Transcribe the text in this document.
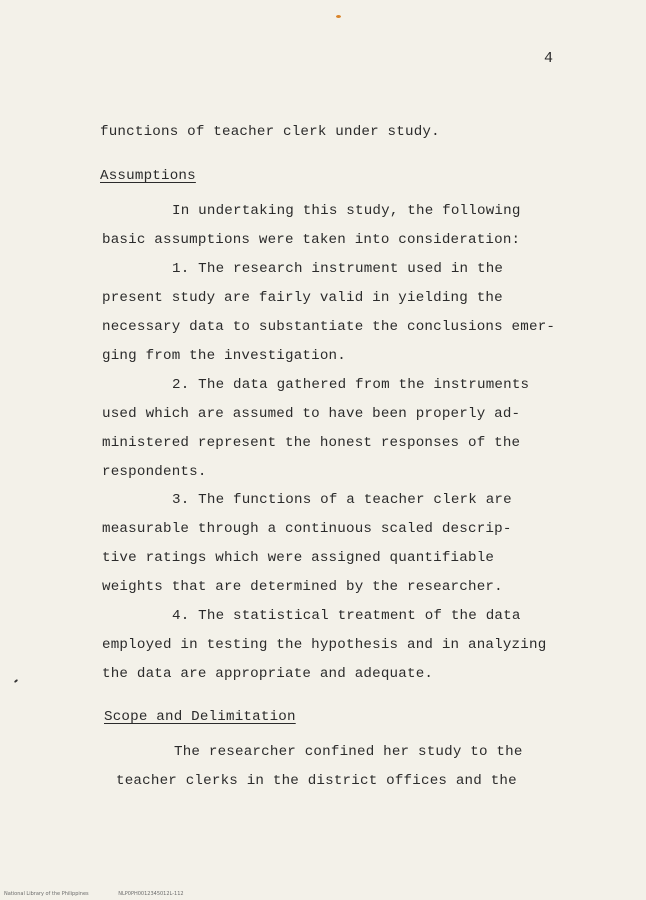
4
functions of teacher clerk under study.
Assumptions
In undertaking this study, the following
basic assumptions were taken into consideration:
1. The research instrument used in the
present study are fairly valid in yielding the
necessary data to substantiate the conclusions emer-
ging from the investigation.
2. The data gathered from the instruments
used which are assumed to have been properly ad-
ministered represent the honest responses of the
respondents.
3. The functions of a teacher clerk are
measurable through a continuous scaled descrip-
tive ratings which were assigned quantifiable
weights that are determined by the researcher.
4. The statistical treatment of the data
employed in testing the hypothesis and in analyzing
the data are appropriate and adequate.
Scope and Delimitation
The researcher confined her study to the
teacher clerks in the district offices and the
National Library of the Philippines	NLP0PH0012345012L-112
